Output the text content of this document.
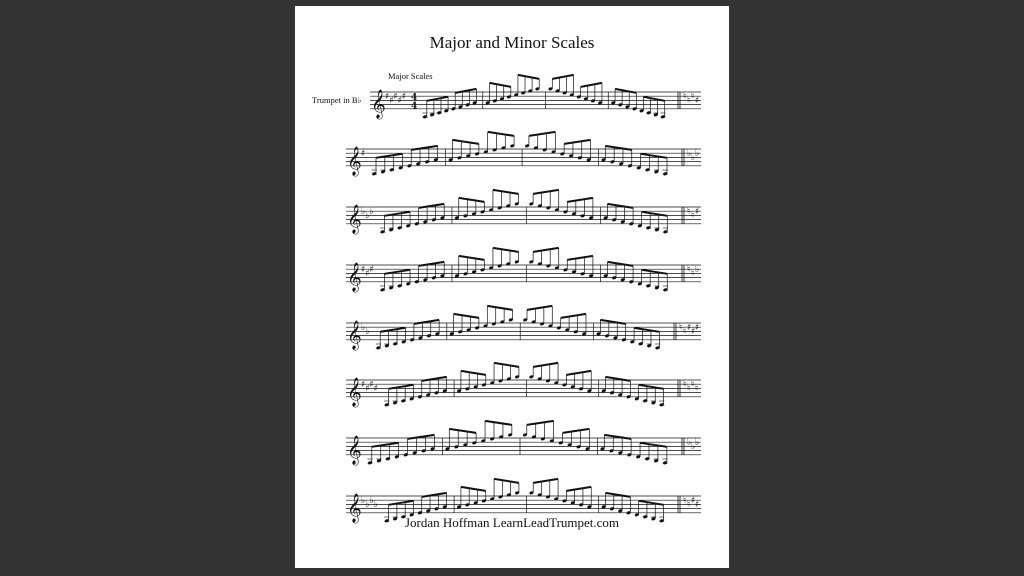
Major and Minor Scales
Major Scales
Trumpet in B♭ 𝄞 ♯ ♯ ♯ ♯ ♯ 4
4
♮ ♮ ♮ ♯
𝄞 ♯	♭ ♭ ♭
𝄞 ♭ ♭ ♭	♮ ♮ ♯
𝄞 ♯ ♯ ♯	♮ ♮ ♭
𝄞 ♭ ♭	♮ ♮ ♯ ♯ ♯
𝄞 ♯ ♯ ♯ ♯	♮ ♮ ♮ ♮
𝄞	♭ ♭ ♭
𝄞 ♭ ♭ ♭ ♭	♮ ♮ ♯ ♯
Jordan Hoffman LearnLeadTrumpet.com
